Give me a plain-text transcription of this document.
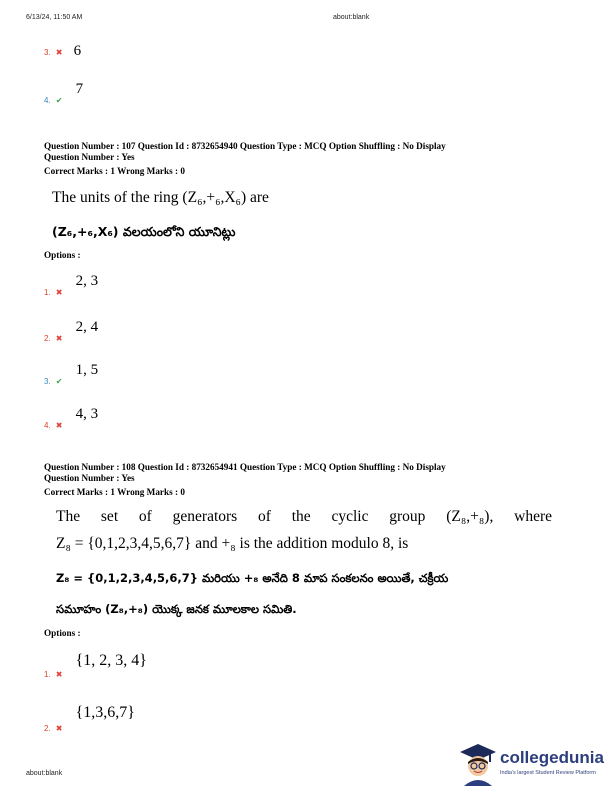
6/13/24, 11:50 AM	about:blank
3. ✖ 6
$_{4.}$ $_✔$ 7
Question Number : 107 Question Id : 8732654940 Question Type : MCQ Option Shuffling : No Display
Question Number : Yes
Correct Marks : 1 Wrong Marks : 0
The units of the ring (Z₆,+₆,X₆) are
(Z₆,+₆,X₆) వలయంలోని యూనిట్లు
Options :
$_{1.}$ $_✖$ 2, 3
$_{2.}$ $_✖$ 2, 4
$_{3.}$ $_✔$ 1, 5
$_{4.}$ $_✖$ 4, 3
Question Number : 108 Question Id : 8732654941 Question Type : MCQ Option Shuffling : No Display
Question Number : Yes
Correct Marks : 1 Wrong Marks : 0
The set of generators of the cyclic group (Z₈,+₈), where
Z₈ = {0,1,2,3,4,5,6,7} and +₈ is the addition modulo 8, is
Z₈ = {0,1,2,3,4,5,6,7} మరియు +₈ అనేది 8 మాప సంకలనం అయితే, చక్రీయ
సమూహం (Z₈,+₈) యొక్క జనక మూలకాల సమితి.
Options :
$_{1.}$ $_✖$ {1, 2, 3, 4}
$_{2.}$ $_✖$ {1,3,6,7}
about:blank
collegedunia
India's largest Student Review Platform
